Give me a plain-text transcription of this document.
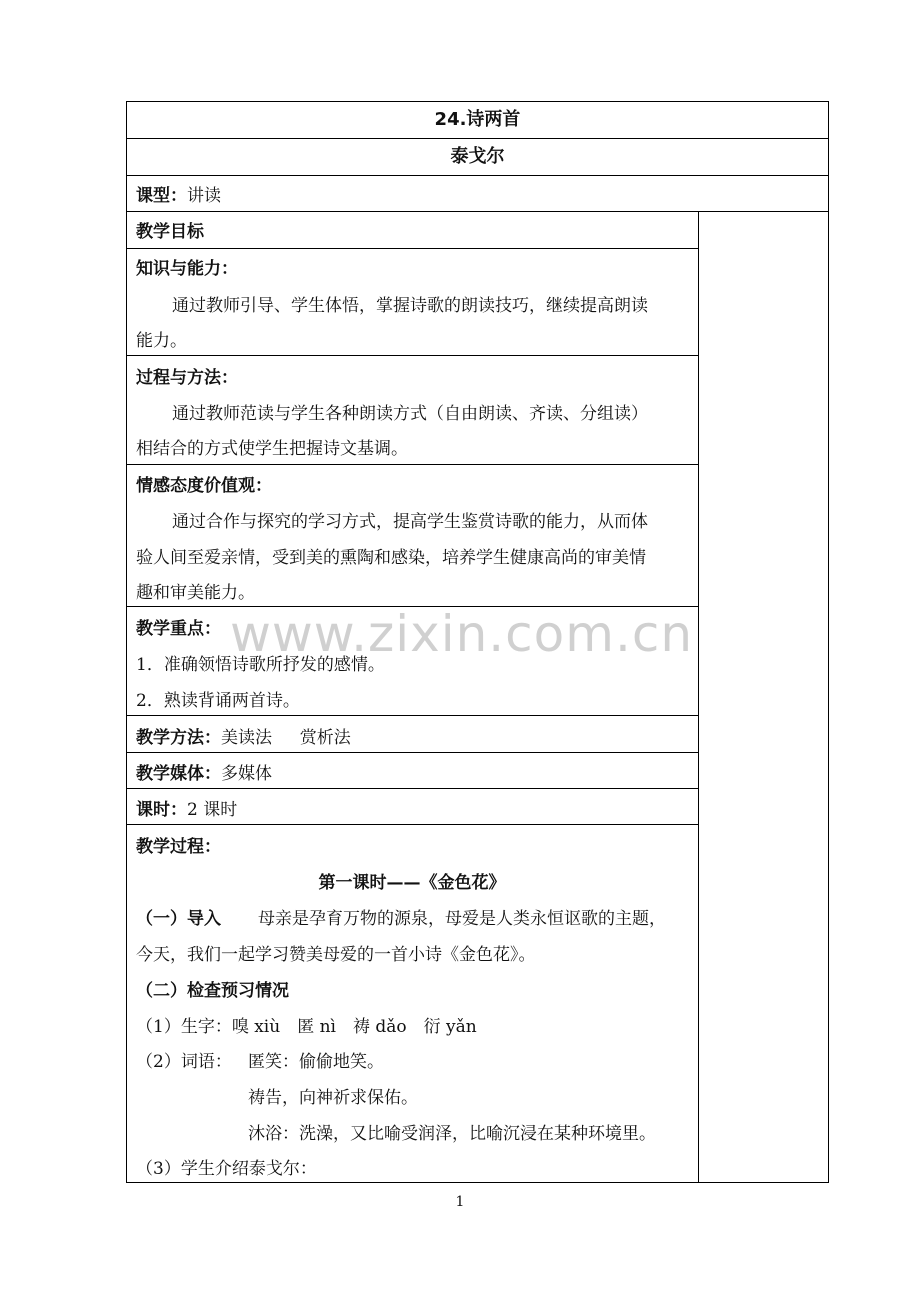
www.zixin.com.cn
24.诗两首
泰戈尔
课型：讲读
教学目标
知识与能力：
通过教师引导、学生体悟，掌握诗歌的朗读技巧，继续提高朗读
能力。
过程与方法：
通过教师范读与学生各种朗读方式（自由朗读、齐读、分组读）
相结合的方式使学生把握诗文基调。
情感态度价值观：
通过合作与探究的学习方式，提高学生鉴赏诗歌的能力，从而体
验人间至爱亲情，受到美的熏陶和感染，培养学生健康高尚的审美情
趣和审美能力。
教学重点：
1．准确领悟诗歌所抒发的感情。
2．熟读背诵两首诗。
教学方法：美读法　  赏析法
教学媒体：多媒体
课时：2 课时
教学过程：
第一课时——《金色花》
（一）导入 母亲是孕育万物的源泉，母爱是人类永恒讴歌的主题，
今天，我们一起学习赞美母爱的一首小诗《金色花》。
（二）检查预习情况
（1）生字：嗅 xiù　匿 nì　祷 dǎo　衍 yǎn
（2）词语： 匿笑：偷偷地笑。
祷告，向神祈求保佑。
沐浴：洗澡，又比喻受润泽，比喻沉浸在某种环境里。
（3）学生介绍泰戈尔：
1
